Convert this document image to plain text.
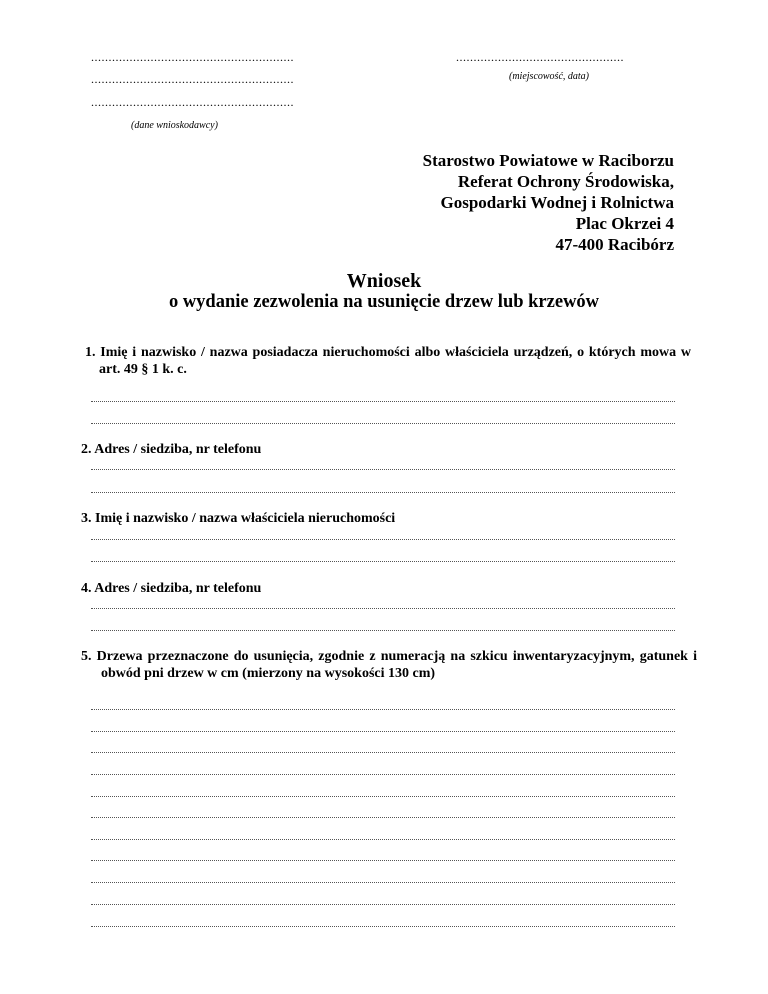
..........................................................
..........................................................
..........................................................
(dane wnioskodawcy)
................................................
(miejscowość, data)
Starostwo Powiatowe w Raciborzu
Referat Ochrony Środowiska,
Gospodarki Wodnej i Rolnictwa
Plac Okrzei 4
47-400 Racibórz
Wniosek
o wydanie zezwolenia na usunięcie drzew lub krzewów
1. Imię i nazwisko / nazwa posiadacza nieruchomości albo właściciela urządzeń, o których mowa w art. 49 § 1 k. c.
2. Adres / siedziba, nr telefonu
3. Imię i nazwisko / nazwa właściciela nieruchomości
4. Adres / siedziba, nr telefonu
5. Drzewa przeznaczone do usunięcia, zgodnie z numeracją na szkicu inwentaryzacyjnym, gatunek i obwód pni drzew w cm (mierzony na wysokości 130 cm)
